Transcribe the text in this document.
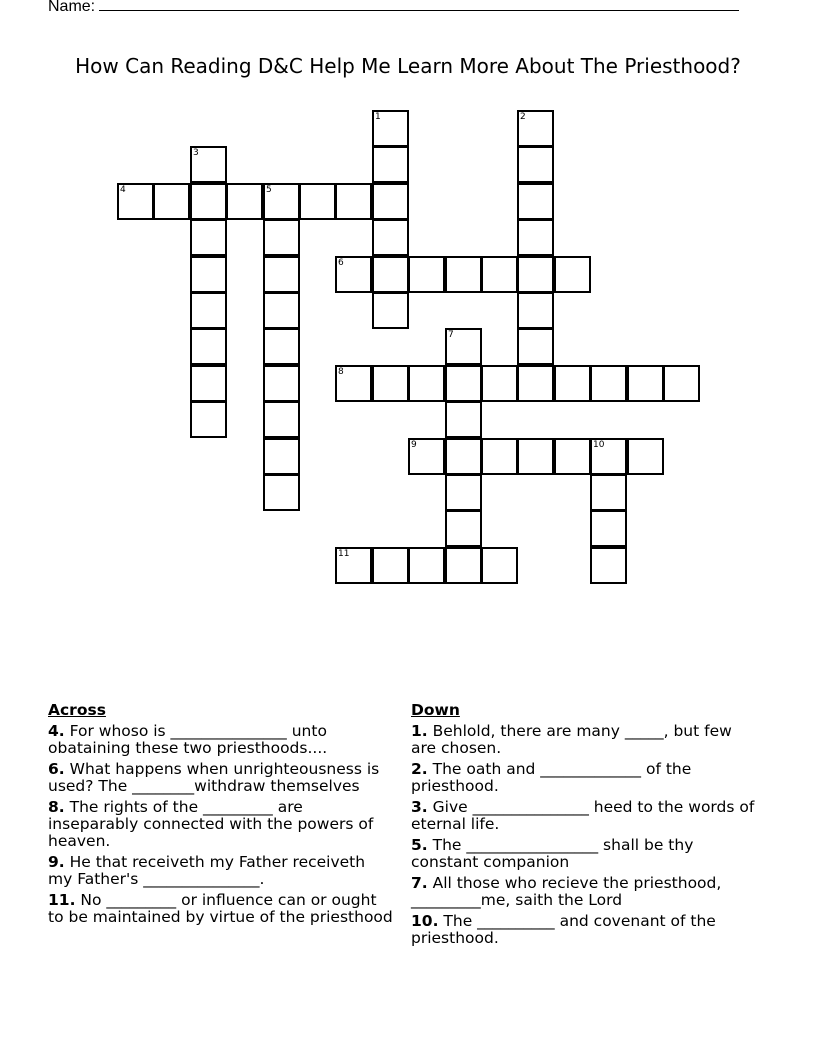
Name:
How Can Reading D&C Help Me Learn More About The Priesthood?
1	2
3
4	5
6
7
8
9	10
11
Across
4. For whoso is _______________ unto obataining these two priesthoods....
6. What happens when unrighteousness is used? The ________withdraw themselves
8. The rights of the _________ are inseparably connected with the powers of heaven.
9. He that receiveth my Father receiveth my Father's _______________.
11. No _________ or influence can or ought to be maintained by virtue of the priesthood
Down
1. Behlold, there are many _____, but few are chosen.
2. The oath and _____________ of the priesthood.
3. Give _______________ heed to the words of eternal life.
5. The _________________ shall be thy constant companion
7. All those who recieve the priesthood, _________me, saith the Lord
10. The __________ and covenant of the priesthood.
